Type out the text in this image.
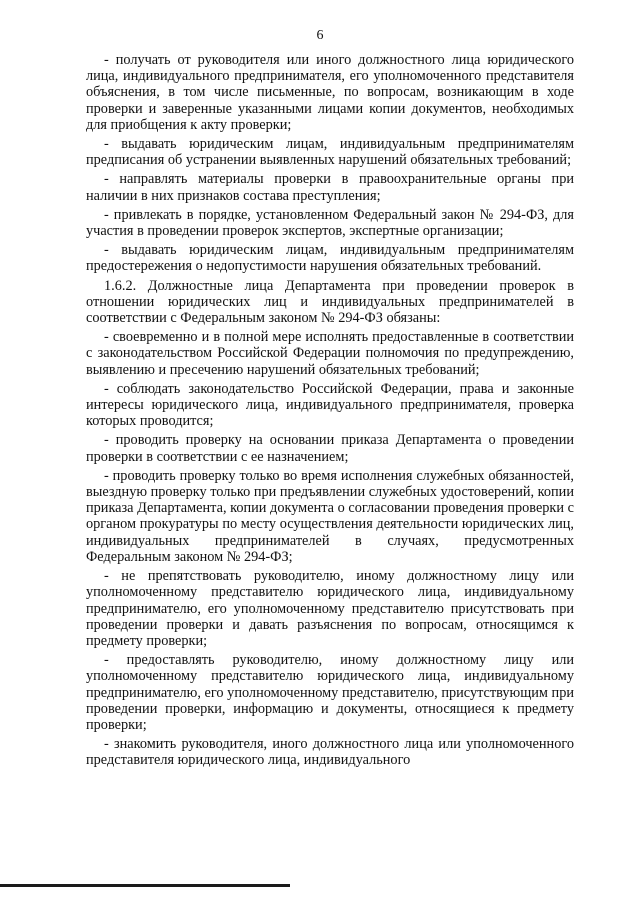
6

- получать от руководителя или иного должностного лица юридического лица, индивидуального предпринимателя, его уполномоченного представителя объяснения, в том числе письменные, по вопросам, возникающим в ходе проверки и заверенные указанными лицами копии документов, необходимых для приобщения к акту проверки;

- выдавать юридическим лицам, индивидуальным предпринимателям предписания об устранении выявленных нарушений обязательных требований;

- направлять материалы проверки в правоохранительные органы при наличии в них признаков состава преступления;

- привлекать в порядке, установленном Федеральный закон № 294-ФЗ, для участия в проведении проверок экспертов, экспертные организации;

- выдавать юридическим лицам, индивидуальным предпринимателям предостережения о недопустимости нарушения обязательных требований.

1.6.2. Должностные лица Департамента при проведении проверок в отношении юридических лиц и индивидуальных предпринимателей в соответствии с Федеральным законом № 294-ФЗ обязаны:

- своевременно и в полной мере исполнять предоставленные в соответствии с законодательством Российской Федерации полномочия по предупреждению, выявлению и пресечению нарушений обязательных требований;

- соблюдать законодательство Российской Федерации, права и законные интересы юридического лица, индивидуального предпринимателя, проверка которых проводится;

- проводить проверку на основании приказа Департамента о проведении проверки в соответствии с ее назначением;

- проводить проверку только во время исполнения служебных обязанностей, выездную проверку только при предъявлении служебных удостоверений, копии приказа Департамента, копии документа о согласовании проведения проверки с органом прокуратуры по месту осуществления деятельности юридических лиц, индивидуальных предпринимателей в случаях, предусмотренных Федеральным законом № 294-ФЗ;

- не препятствовать руководителю, иному должностному лицу или уполномоченному представителю юридического лица, индивидуальному предпринимателю, его уполномоченному представителю присутствовать при проведении проверки и давать разъяснения по вопросам, относящимся к предмету проверки;

- предоставлять руководителю, иному должностному лицу или уполномоченному представителю юридического лица, индивидуальному предпринимателю, его уполномоченному представителю, присутствующим при проведении проверки, информацию и документы, относящиеся к предмету проверки;

- знакомить руководителя, иного должностного лица или уполномоченного представителя юридического лица, индивидуального
